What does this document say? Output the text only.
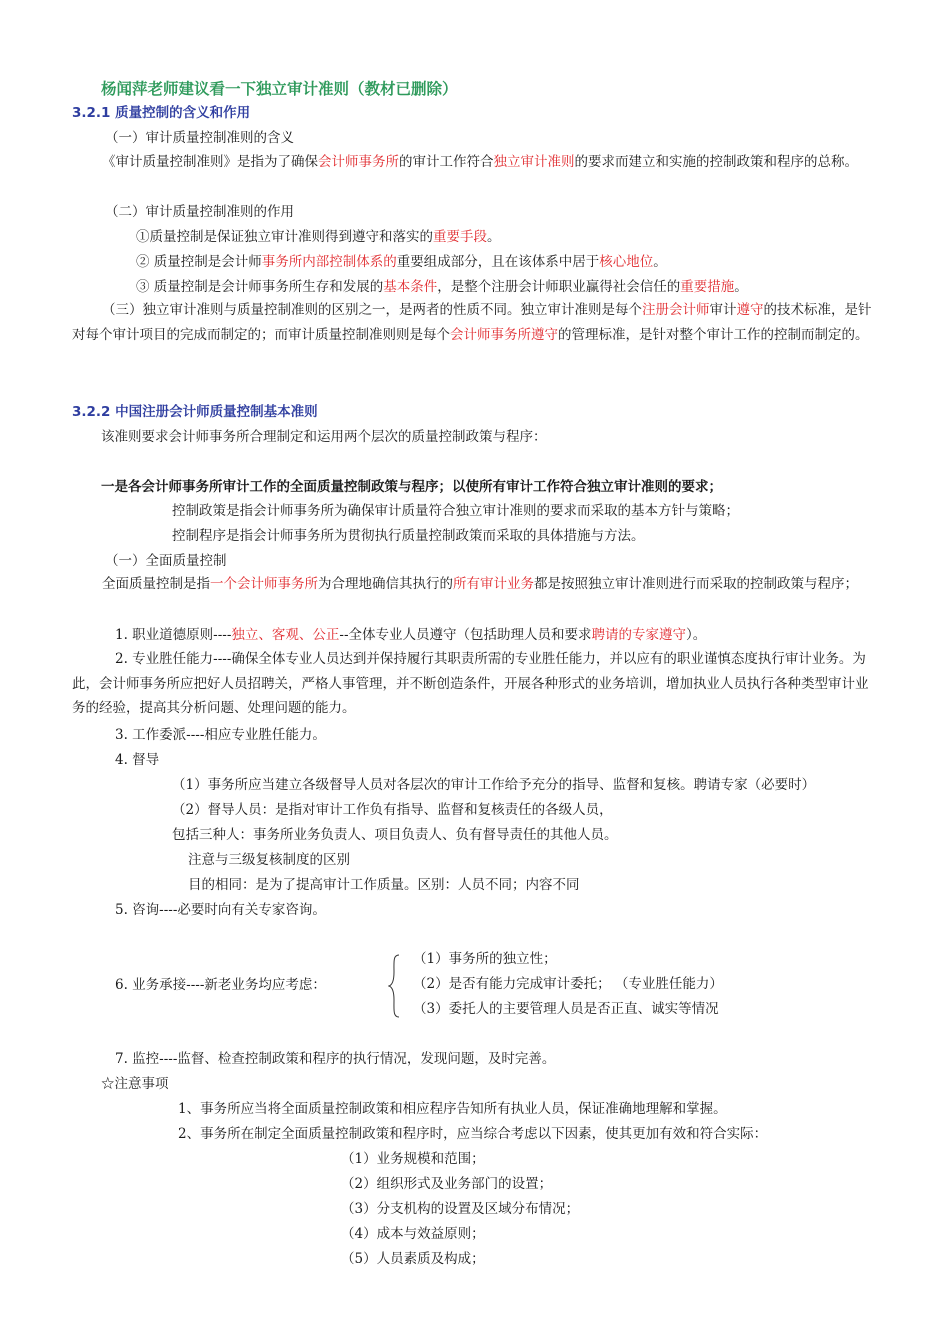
杨闻萍老师建议看一下独立审计准则（教材已删除）
3.2.1 质量控制的含义和作用
（一）审计质量控制准则的含义
《审计质量控制准则》是指为了确保会计师事务所的审计工作符合独立审计准则的要求而建立和实施的控制政策和程序的总称。
（二）审计质量控制准则的作用
①质量控制是保证独立审计准则得到遵守和落实的重要手段。
② 质量控制是会计师事务所内部控制体系的重要组成部分，且在该体系中居于核心地位。
③ 质量控制是会计师事务所生存和发展的基本条件，是整个注册会计师职业赢得社会信任的重要措施。
（三）独立审计准则与质量控制准则的区别之一，是两者的性质不同。独立审计准则是每个注册会计师审计遵守的技术标准，是针对每个审计项目的完成而制定的；而审计质量控制准则则是每个会计师事务所遵守的管理标准，是针对整个审计工作的控制而制定的。
3.2.2 中国注册会计师质量控制基本准则
该准则要求会计师事务所合理制定和运用两个层次的质量控制政策与程序：
一是各会计师事务所审计工作的全面质量控制政策与程序；以使所有审计工作符合独立审计准则的要求；
控制政策是指会计师事务所为确保审计质量符合独立审计准则的要求而采取的基本方针与策略；
控制程序是指会计师事务所为贯彻执行质量控制政策而采取的具体措施与方法。
（一）全面质量控制
全面质量控制是指一个会计师事务所为合理地确信其执行的所有审计业务都是按照独立审计准则进行而采取的控制政策与程序；
1. 职业道德原则----独立、客观、公正--全体专业人员遵守（包括助理人员和要求聘请的专家遵守）。
2. 专业胜任能力----确保全体专业人员达到并保持履行其职责所需的专业胜任能力，并以应有的职业谨慎态度执行审计业务。为此，会计师事务所应把好人员招聘关，严格人事管理，并不断创造条件，开展各种形式的业务培训，增加执业人员执行各种类型审计业务的经验，提高其分析问题、处理问题的能力。
3. 工作委派----相应专业胜任能力。
4. 督导
（1）事务所应当建立各级督导人员对各层次的审计工作给予充分的指导、监督和复核。聘请专家（必要时）
（2）督导人员：是指对审计工作负有指导、监督和复核责任的各级人员，
包括三种人：事务所业务负责人、项目负责人、负有督导责任的其他人员。
注意与三级复核制度的区别
目的相同：是为了提高审计工作质量。区别：人员不同；内容不同
5. 咨询----必要时向有关专家咨询。
6. 业务承接----新老业务均应考虑：
（1）事务所的独立性；
（2）是否有能力完成审计委托； （专业胜任能力）
（3）委托人的主要管理人员是否正直、诚实等情况
7. 监控----监督、检查控制政策和程序的执行情况，发现问题，及时完善。
☆注意事项
1、事务所应当将全面质量控制政策和相应程序告知所有执业人员，保证准确地理解和掌握。
2、事务所在制定全面质量控制政策和程序时，应当综合考虑以下因素，使其更加有效和符合实际：
（1）业务规模和范围；
（2）组织形式及业务部门的设置；
（3）分支机构的设置及区域分布情况；
（4）成本与效益原则；
（5）人员素质及构成；
